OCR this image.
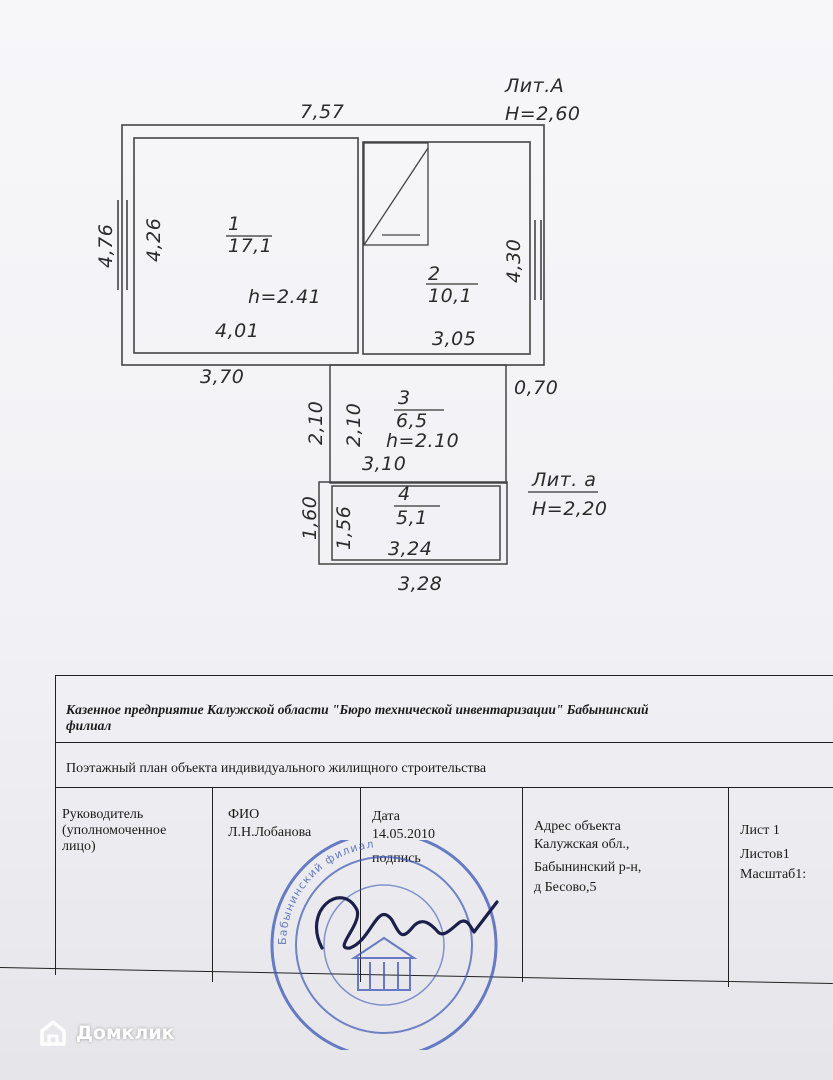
7,57
Лит.А
H=2,60
4,76 4,26	4,30
1
17,1
h=2.41
4,01
2
10,1
3,05
3,70	0,70
2,10 2,10
3
6,5
h=2.10
3,10
Лит. а
H=2,20
1,60 1,56
4
5,1
3,24
3,28
Казенное предприятие Калужской области "Бюро технической инвентаризации" Бабынинский
филиал
Поэтажный план объекта индивидуального жилищного строительства
Руководитель
(уполномоченное
лицо)
ФИО
Л.Н.Лобанова
Дата
14.05.2010
подпись
Адрес объекта
Калужская обл.,
Бабынинский р-н,
д Бесово,5
Лист 1
Листов1
Масштаб1:
Бабынинский филиал
Домклик
